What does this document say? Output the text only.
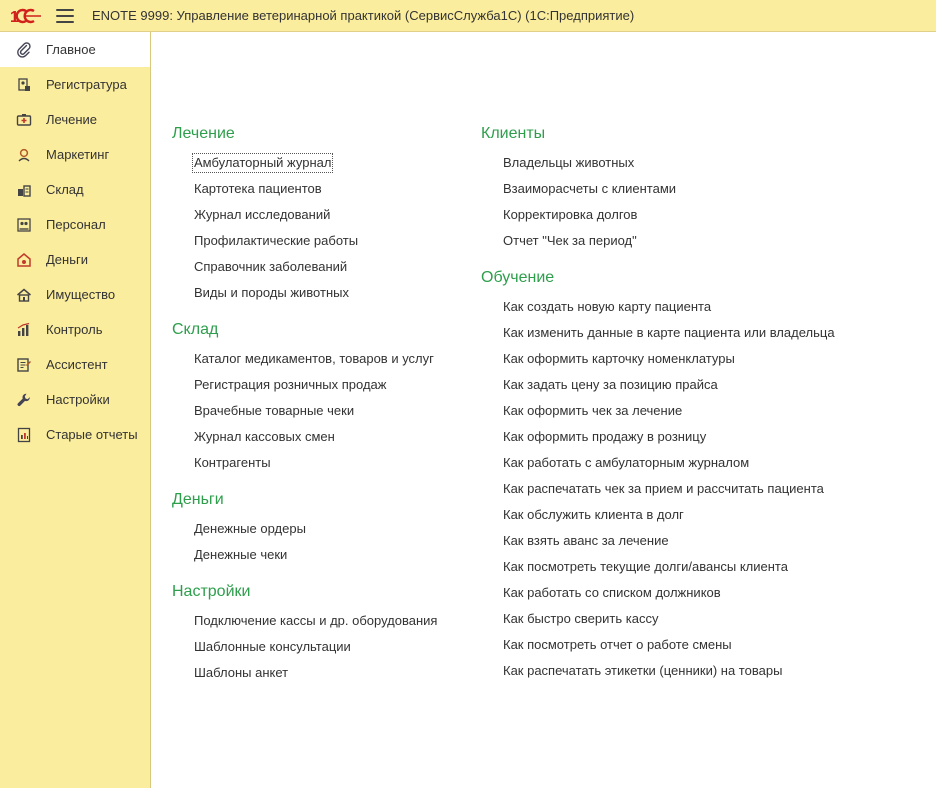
1	ENOTE 9999: Управление ветеринарной практикой (СервисСлужба1С) (1С:Предприятие)
Главное
Регистратура
Лечение
Маркетинг
Склад
Персонал
Деньги
Имущество
Контроль
Ассистент
Настройки
Старые отчеты
Лечение
Амбулаторный журнал
Картотека пациентов
Журнал исследований
Профилактические работы
Справочник заболеваний
Виды и породы животных
Склад
Каталог медикаментов, товаров и услуг
Регистрация розничных продаж
Врачебные товарные чеки
Журнал кассовых смен
Контрагенты
Деньги
Денежные ордеры
Денежные чеки
Настройки
Подключение кассы и др. оборудования
Шаблонные консультации
Шаблоны анкет
Клиенты
Владельцы животных
Взаиморасчеты с клиентами
Корректировка долгов
Отчет "Чек за период"
Обучение
Как создать новую карту пациента
Как изменить данные в карте пациента или владельца
Как оформить карточку номенклатуры
Как задать цену за позицию прайса
Как оформить чек за лечение
Как оформить продажу в розницу
Как работать с амбулаторным журналом
Как распечатать чек за прием и рассчитать пациента
Как обслужить клиента в долг
Как взять аванс за лечение
Как посмотреть текущие долги/авансы клиента
Как работать со списком должников
Как быстро сверить кассу
Как посмотреть отчет о работе смены
Как распечатать этикетки (ценники) на товары
